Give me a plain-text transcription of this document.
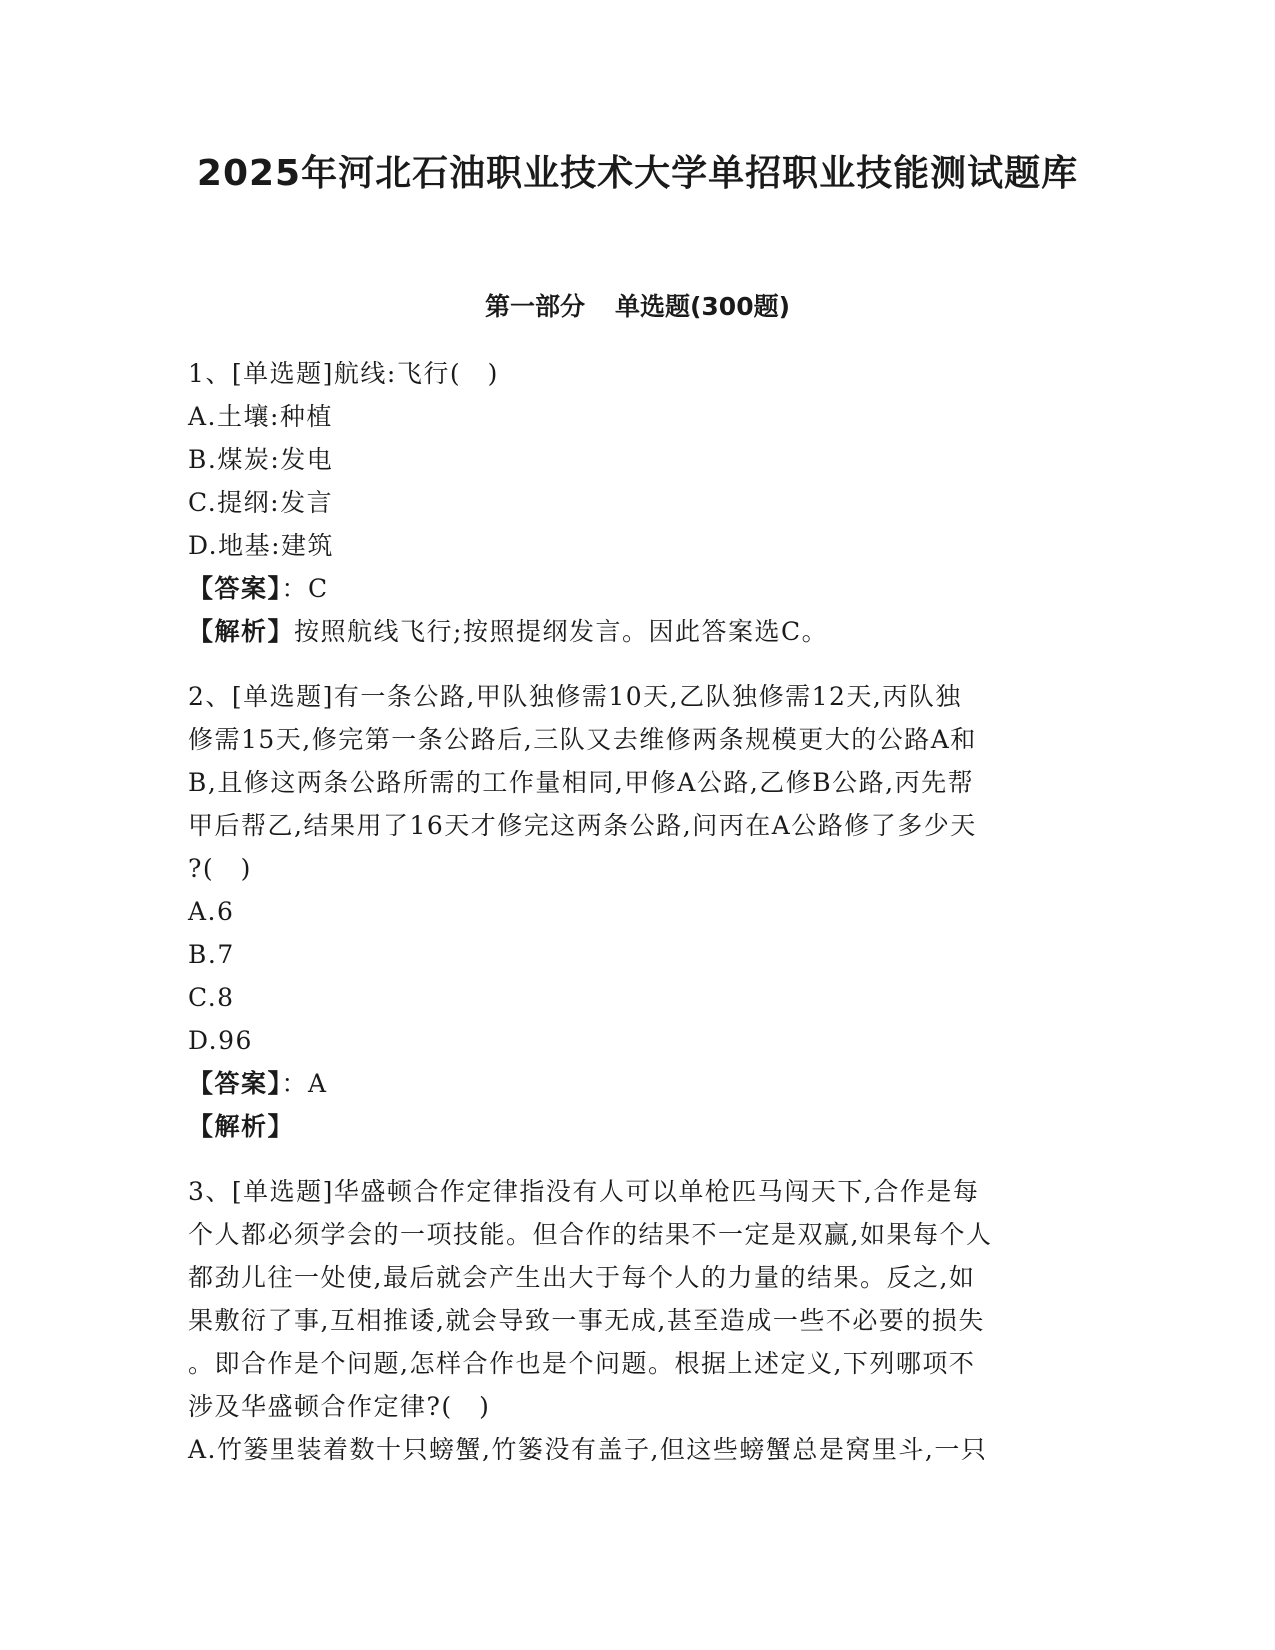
2025年河北石油职业技术大学单招职业技能测试题库
第一部分 单选题(300题)

1、[单选题]航线:飞行(　)

A.土壤:种植

B.煤炭:发电

C.提纲:发言

D.地基:建筑

【答案】：C

【解析】按照航线飞行;按照提纲发言。因此答案选C。

2、[单选题]有一条公路,甲队独修需10天,乙队独修需12天,丙队独

修需15天,修完第一条公路后,三队又去维修两条规模更大的公路A和

B,且修这两条公路所需的工作量相同,甲修A公路,乙修B公路,丙先帮

甲后帮乙,结果用了16天才修完这两条公路,问丙在A公路修了多少天

?(　)

A.6

B.7

C.8

D.96

【答案】：A

【解析】

3、[单选题]华盛顿合作定律指没有人可以单枪匹马闯天下,合作是每

个人都必须学会的一项技能。但合作的结果不一定是双赢,如果每个人

都劲儿往一处使,最后就会产生出大于每个人的力量的结果。反之,如

果敷衍了事,互相推诿,就会导致一事无成,甚至造成一些不必要的损失

。即合作是个问题,怎样合作也是个问题。根据上述定义,下列哪项不

涉及华盛顿合作定律?(　)

A.竹篓里装着数十只螃蟹,竹篓没有盖子,但这些螃蟹总是窝里斗,一只
